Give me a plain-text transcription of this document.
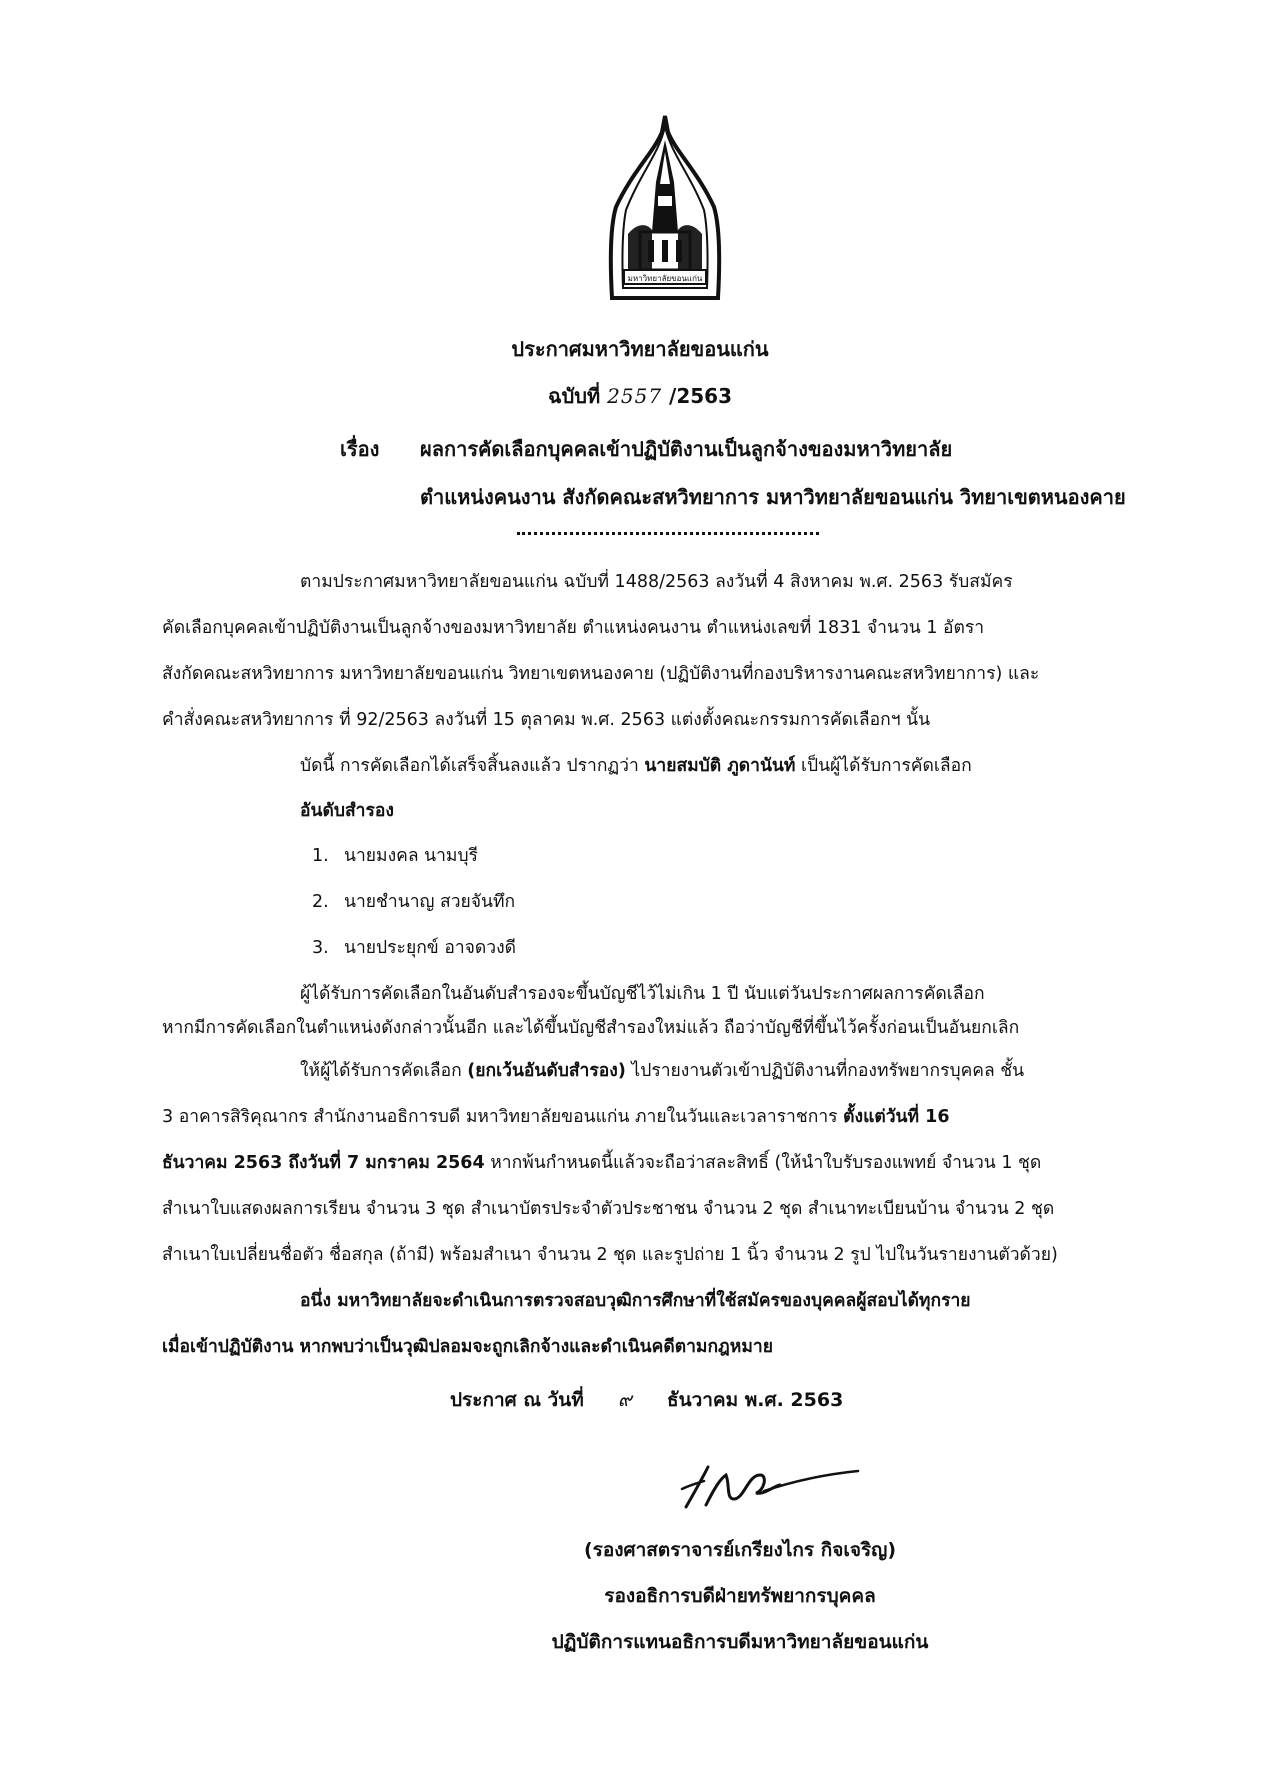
มหาวิทยาลัยขอนแก่น
ประกาศมหาวิทยาลัยขอนแก่น
ฉบับที่ 2557 /2563
เรื่อง ผลการคัดเลือกบุคคลเข้าปฏิบัติงานเป็นลูกจ้างของมหาวิทยาลัย
ตำแหน่งคนงาน สังกัดคณะสหวิทยาการ มหาวิทยาลัยขอนแก่น วิทยาเขตหนองคาย
ตามประกาศมหาวิทยาลัยขอนแก่น ฉบับที่ 1488/2563 ลงวันที่ 4 สิงหาคม พ.ศ. 2563 รับสมัคร
คัดเลือกบุคคลเข้าปฏิบัติงานเป็นลูกจ้างของมหาวิทยาลัย ตำแหน่งคนงาน ตำแหน่งเลขที่ 1831 จำนวน 1 อัตรา
สังกัดคณะสหวิทยาการ มหาวิทยาลัยขอนแก่น วิทยาเขตหนองคาย (ปฏิบัติงานที่กองบริหารงานคณะสหวิทยาการ) และ
คำสั่งคณะสหวิทยาการ ที่ 92/2563 ลงวันที่ 15 ตุลาคม พ.ศ. 2563 แต่งตั้งคณะกรรมการคัดเลือกฯ นั้น
บัดนี้ การคัดเลือกได้เสร็จสิ้นลงแล้ว ปรากฏว่า นายสมบัติ ภูดานันท์ เป็นผู้ได้รับการคัดเลือก
อันดับสำรอง
1. นายมงคล นามบุรี
2. นายชำนาญ สวยจันทึก
3. นายประยุกข์ อาจดวงดี
ผู้ได้รับการคัดเลือกในอันดับสำรองจะขึ้นบัญชีไว้ไม่เกิน 1 ปี นับแต่วันประกาศผลการคัดเลือก
หากมีการคัดเลือกในตำแหน่งดังกล่าวนั้นอีก และได้ขึ้นบัญชีสำรองใหม่แล้ว ถือว่าบัญชีที่ขึ้นไว้ครั้งก่อนเป็นอันยกเลิก
ให้ผู้ได้รับการคัดเลือก (ยกเว้นอันดับสำรอง) ไปรายงานตัวเข้าปฏิบัติงานที่กองทรัพยากรบุคคล ชั้น
3 อาคารสิริคุณากร สำนักงานอธิการบดี มหาวิทยาลัยขอนแก่น ภายในวันและเวลาราชการ ตั้งแต่วันที่ 16
ธันวาคม 2563 ถึงวันที่ 7 มกราคม 2564 หากพ้นกำหนดนี้แล้วจะถือว่าสละสิทธิ์ (ให้นำใบรับรองแพทย์ จำนวน 1 ชุด
สำเนาใบแสดงผลการเรียน จำนวน 3 ชุด สำเนาบัตรประจำตัวประชาชน จำนวน 2 ชุด สำเนาทะเบียนบ้าน จำนวน 2 ชุด
สำเนาใบเปลี่ยนชื่อตัว ชื่อสกุล (ถ้ามี) พร้อมสำเนา จำนวน 2 ชุด และรูปถ่าย 1 นิ้ว จำนวน 2 รูป ไปในวันรายงานตัวด้วย)
อนึ่ง มหาวิทยาลัยจะดำเนินการตรวจสอบวุฒิการศึกษาที่ใช้สมัครของบุคคลผู้สอบได้ทุกราย
เมื่อเข้าปฏิบัติงาน หากพบว่าเป็นวุฒิปลอมจะถูกเลิกจ้างและดำเนินคดีตามกฎหมาย
ประกาศ ณ วันที่ ๙ ธันวาคม พ.ศ. 2563
(รองศาสตราจารย์เกรียงไกร กิจเจริญ)
รองอธิการบดีฝ่ายทรัพยากรบุคคล
ปฏิบัติการแทนอธิการบดีมหาวิทยาลัยขอนแก่น
